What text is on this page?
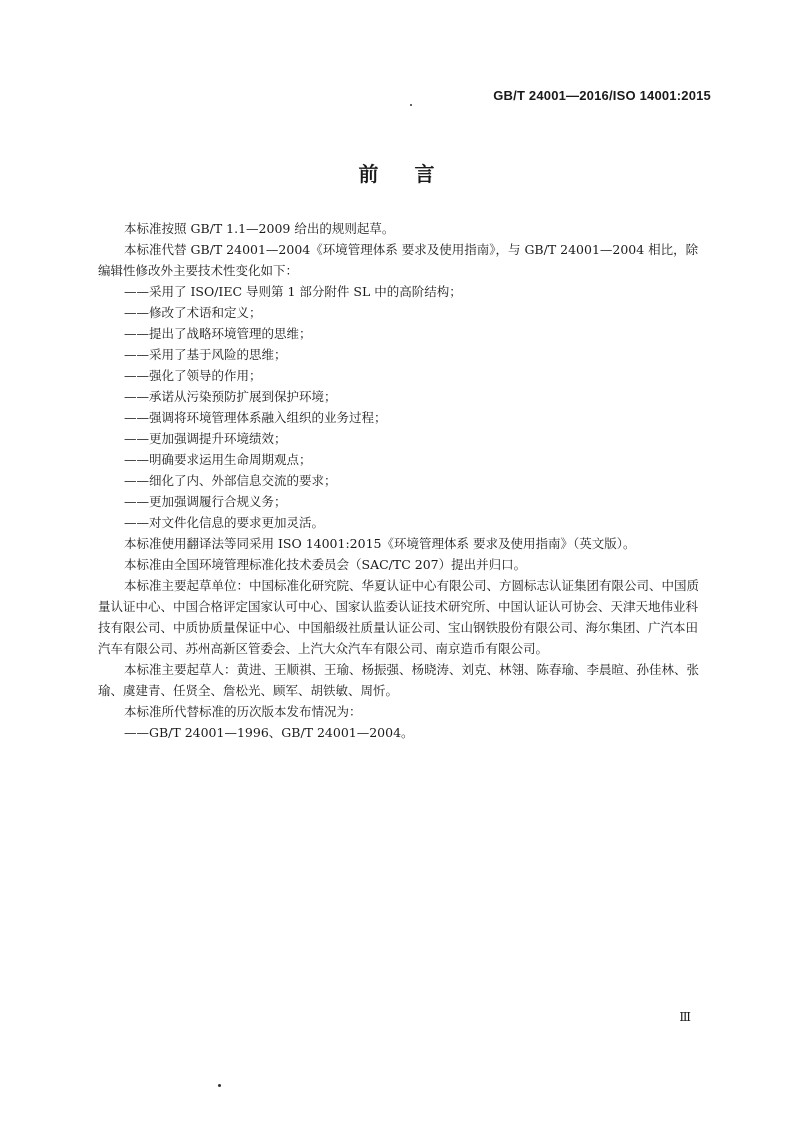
GB/T 24001—2016/ISO 14001:2015
前言

本标准按照 GB/T 1.1—2009 给出的规则起草。

本标准代替 GB/T 24001—2004《环境管理体系 要求及使用指南》，与 GB/T 24001—2004 相比，除编辑性修改外主要技术性变化如下：

——采用了 ISO/IEC 导则第 1 部分附件 SL 中的高阶结构；

——修改了术语和定义；

——提出了战略环境管理的思维；

——采用了基于风险的思维；

——强化了领导的作用；

——承诺从污染预防扩展到保护环境；

——强调将环境管理体系融入组织的业务过程；

——更加强调提升环境绩效；

——明确要求运用生命周期观点；

——细化了内、外部信息交流的要求；

——更加强调履行合规义务；

——对文件化信息的要求更加灵活。

本标准使用翻译法等同采用 ISO 14001:2015《环境管理体系 要求及使用指南》（英文版）。

本标准由全国环境管理标准化技术委员会（SAC/TC 207）提出并归口。

本标准主要起草单位：中国标准化研究院、华夏认证中心有限公司、方圆标志认证集团有限公司、中国质量认证中心、中国合格评定国家认可中心、国家认监委认证技术研究所、中国认证认可协会、天津天地伟业科技有限公司、中质协质量保证中心、中国船级社质量认证公司、宝山钢铁股份有限公司、海尔集团、广汽本田汽车有限公司、苏州高新区管委会、上汽大众汽车有限公司、南京造币有限公司。

本标准主要起草人：黄进、王顺祺、王瑜、杨振强、杨晓涛、刘克、林翎、陈春瑜、李晨暄、孙佳林、张瑜、虞建青、任贤全、詹松光、顾军、胡铁敏、周忻。

本标准所代替标准的历次版本发布情况为：

——GB/T 24001—1996、GB/T 24001—2004。

Ⅲ
